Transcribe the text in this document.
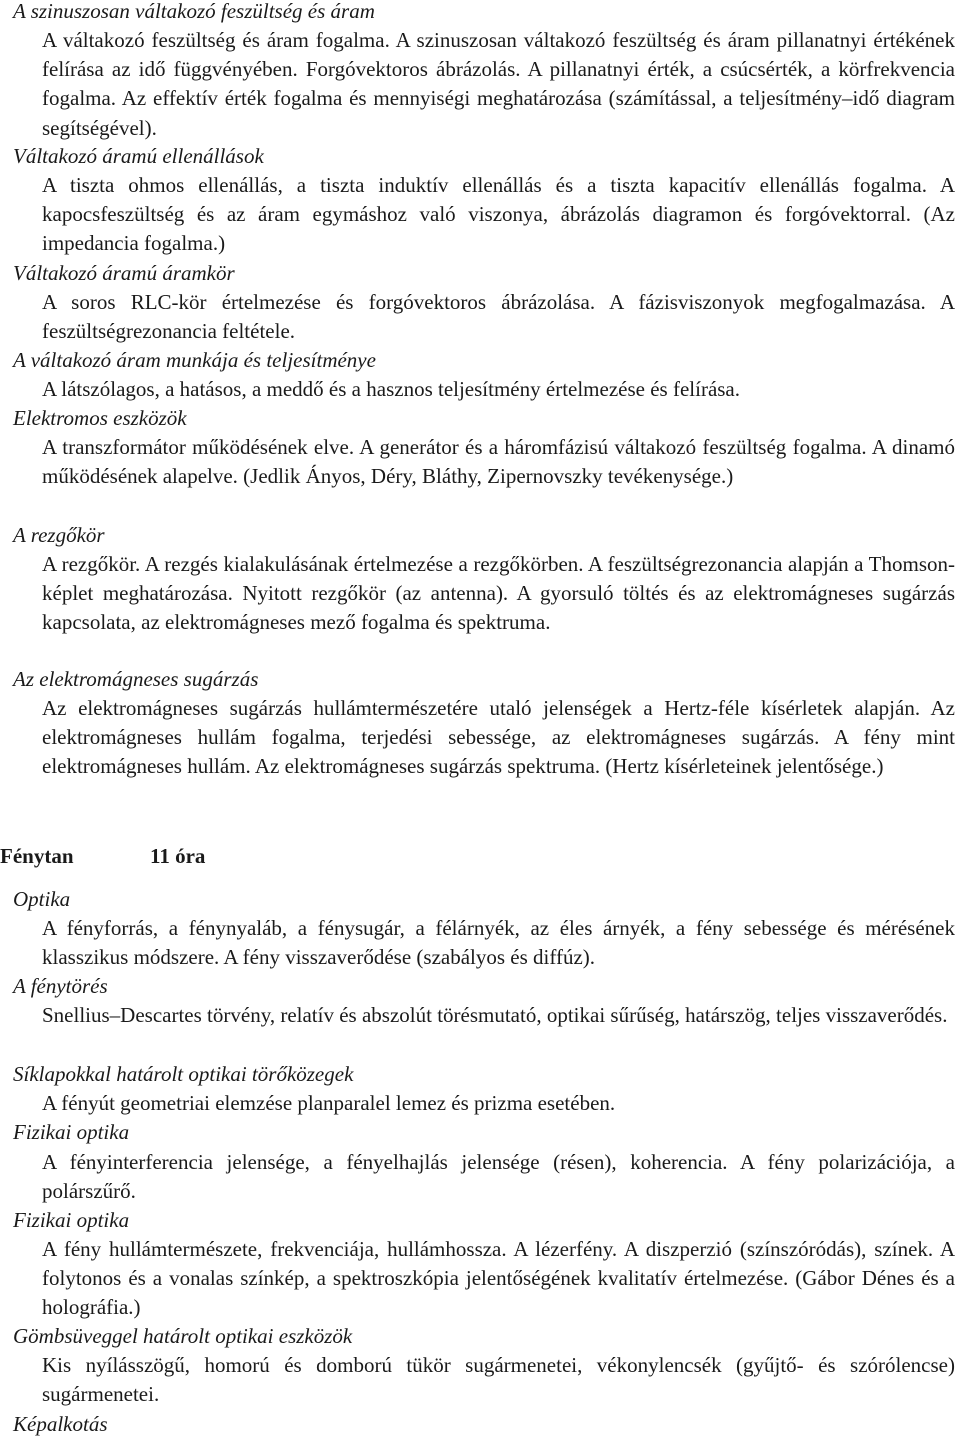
A szinuszosan váltakozó feszültség és áram
A váltakozó feszültség és áram fogalma. A szinuszosan váltakozó feszültség és áram pillanatnyi értékének felírása az idő függvényében. Forgóvektoros ábrázolás. A pillanatnyi érték, a csúcsérték, a körfrekvencia fogalma. Az effektív érték fogalma és mennyiségi meghatározása (számítással, a teljesítmény–idő diagram segítségével).
Váltakozó áramú ellenállások
A tiszta ohmos ellenállás, a tiszta induktív ellenállás és a tiszta kapacitív ellenállás fogalma. A kapocsfeszültség és az áram egymáshoz való viszonya, ábrázolás diagramon és forgóvektorral. (Az impedancia fogalma.)
Váltakozó áramú áramkör
A soros RLC-kör értelmezése és forgóvektoros ábrázolása. A fázisviszonyok megfogalmazása. A feszültségrezonancia feltétele.
A váltakozó áram munkája és teljesítménye
A látszólagos, a hatásos, a meddő és a hasznos teljesítmény értelmezése és felírása.
Elektromos eszközök
A transzformátor működésének elve. A generátor és a háromfázisú váltakozó feszültség fogalma. A dinamó működésének alapelve. (Jedlik Ányos, Déry, Bláthy, Zipernovszky tevékenysége.)
A rezgőkör
A rezgőkör. A rezgés kialakulásának értelmezése a rezgőkörben. A feszültségrezonancia alapján a Thomson-képlet meghatározása. Nyitott rezgőkör (az antenna). A gyorsuló töltés és az elektromágneses sugárzás kapcsolata, az elektromágneses mező fogalma és spektruma.
Az elektromágneses sugárzás
Az elektromágneses sugárzás hullámtermészetére utaló jelenségek a Hertz-féle kísérletek alapján. Az elektromágneses hullám fogalma, terjedési sebessége, az elektromágneses sugárzás. A fény mint elektromágneses hullám. Az elektromágneses sugárzás spektruma. (Hertz kísérleteinek jelentősége.)
Fénytan	11 óra
Optika
A fényforrás, a fénynyaláb, a fénysugár, a félárnyék, az éles árnyék, a fény sebessége és mérésének klasszikus módszere. A fény visszaverődése (szabályos és diffúz).
A fénytörés
Snellius–Descartes törvény, relatív és abszolút törésmutató, optikai sűrűség, határszög, teljes visszaverődés.
Síklapokkal határolt optikai törőközegek
A fényút geometriai elemzése planparalel lemez és prizma esetében.
Fizikai optika
A fényinterferencia jelensége, a fényelhajlás jelensége (résen), koherencia. A fény polarizációja, a polárszűrő.
Fizikai optika
A fény hullámtermészete, frekvenciája, hullámhossza. A lézerfény. A diszperzió (színszóródás), színek. A folytonos és a vonalas színkép, a spektroszkópia jelentőségének kvalitatív értelmezése. (Gábor Dénes és a holográfia.)
Gömbsüveggel határolt optikai eszközök
Kis nyílásszögű, homorú és domború tükör sugármenetei, vékonylencsék (gyűjtő- és szórólencse) sugármenetei.
Képalkotás
